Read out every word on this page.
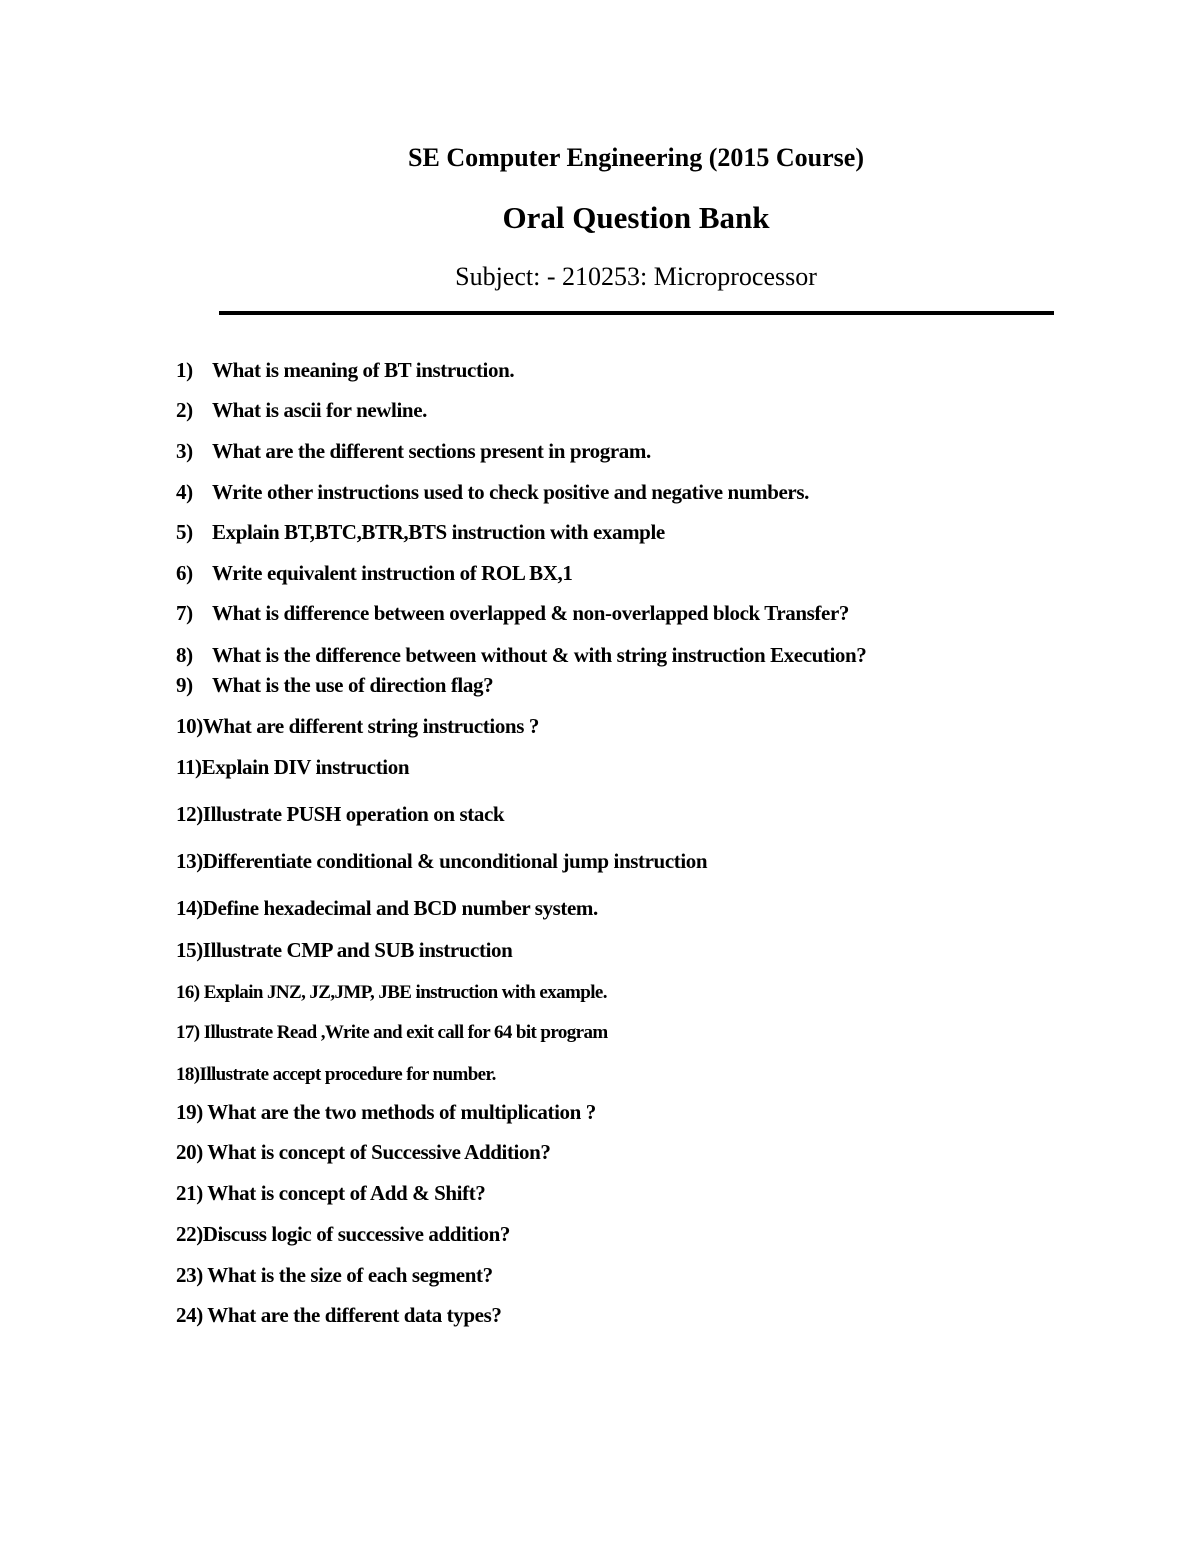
SE Computer Engineering (2015 Course)
Oral Question Bank
Subject: - 210253: Microprocessor
1) What is meaning of BT instruction.
2) What is ascii for newline.
3) What are the different sections present in program.
4) Write other instructions used to check positive and negative numbers.
5) Explain BT,BTC,BTR,BTS instruction with example
6) Write equivalent instruction of ROL BX,1
7) What is difference between overlapped & non-overlapped block Transfer?
8) What is the difference between without & with string instruction Execution?
9) What is the use of direction flag?
10)What are different string instructions ?
11)Explain DIV instruction
12)Illustrate PUSH operation on stack
13)Differentiate conditional & unconditional jump instruction
14)Define hexadecimal and BCD number system.
15)Illustrate CMP and SUB instruction
16) Explain JNZ, JZ,JMP, JBE instruction with example.
17) Illustrate Read ,Write and exit call for 64 bit program
18)Illustrate accept procedure for number.
19) What are the two methods of multiplication ?
20) What is concept of Successive Addition?
21) What is concept of Add & Shift?
22)Discuss logic of successive addition?
23) What is the size of each segment?
24) What are the different data types?
